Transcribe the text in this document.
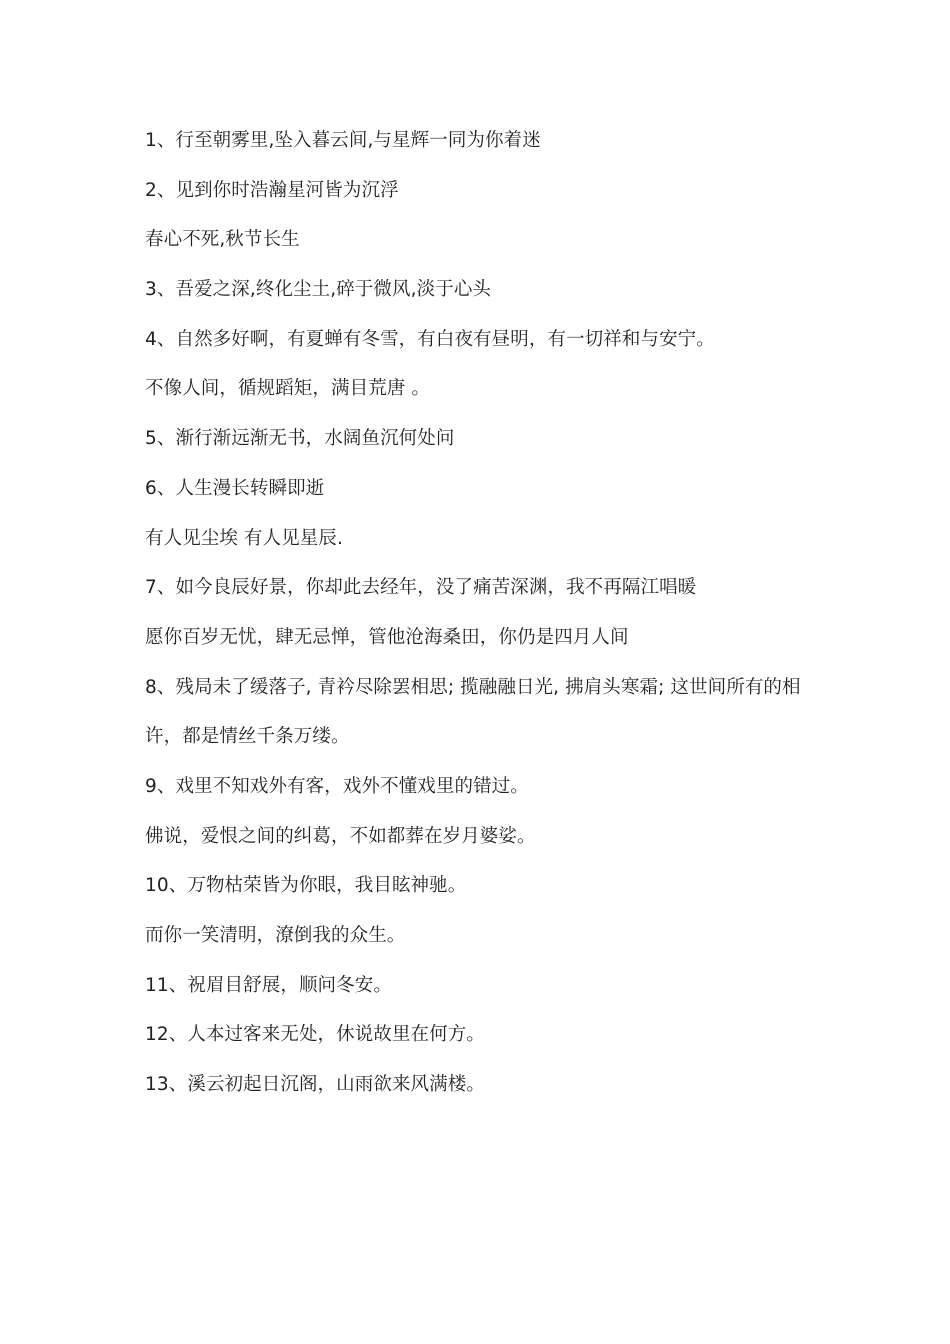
1、行至朝雾里,坠入暮云间,与星辉一同为你着迷

2、见到你时浩瀚星河皆为沉浮

春心不死,秋节长生

3、吾爱之深,终化尘土,碎于微风,淡于心头

4、自然多好啊，有夏蝉有冬雪，有白夜有昼明，有一切祥和与安宁。

不像人间，循规蹈矩，满目荒唐 。

5、渐行渐远渐无书，水阔鱼沉何处问

6、人生漫长转瞬即逝

有人见尘埃 有人见星辰.

7、如今良辰好景，你却此去经年，没了痛苦深渊，我不再隔江唱暖

愿你百岁无忧，肆无忌惮，管他沧海桑田，你仍是四月人间

8、残局未了缓落子, 青衿尽除罢相思; 揽融融日光, 拂肩头寒霜; 这世间所有的相

许，都是情丝千条万缕。

9、戏里不知戏外有客，戏外不懂戏里的错过。

佛说，爱恨之间的纠葛，不如都葬在岁月婆娑。

10、万物枯荣皆为你眼，我目眩神驰。

而你一笑清明，潦倒我的众生。

11、祝眉目舒展，顺问冬安。

12、人本过客来无处，休说故里在何方。

13、溪云初起日沉阁，山雨欲来风满楼。
